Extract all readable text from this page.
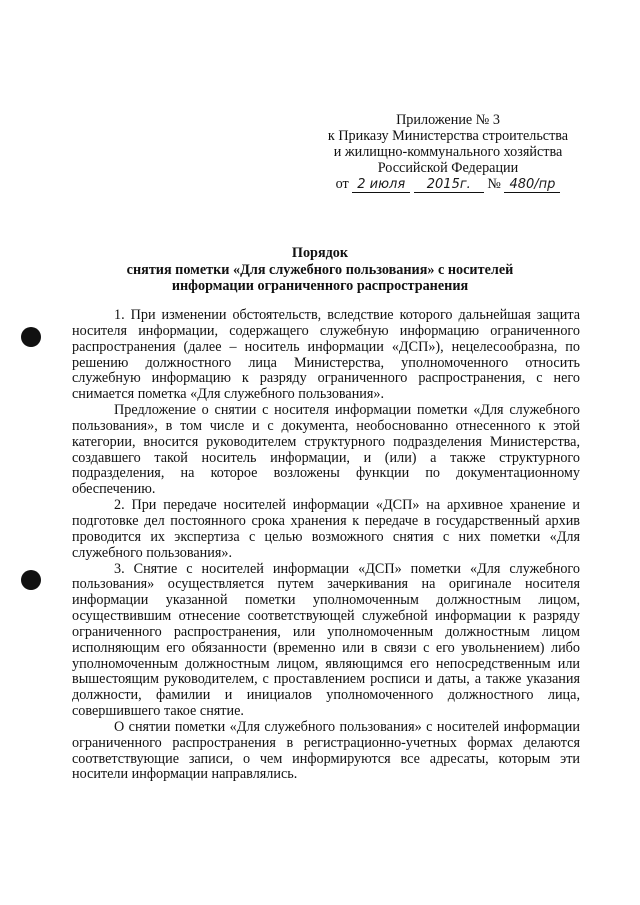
Приложение № 3
к Приказу Министерства строительства
и жилищно-коммунального хозяйства
Российской Федерации
от 2 июля 2015г. № 480/пр
Порядок
снятия пометки «Для служебного пользования» с носителей
информации ограниченного распространения

1. При изменении обстоятельств, вследствие которого дальнейшая защита носителя информации, содержащего служебную информацию ограниченного распространения (далее – носитель информации «ДСП»), нецелесообразна, по решению должностного лица Министерства, уполномоченного относить служебную информацию к разряду ограниченного распространения, с него снимается пометка «Для служебного пользования».

Предложение о снятии с носителя информации пометки «Для служебного пользования», в том числе и с документа, необоснованно отнесенного к этой категории, вносится руководителем структурного подразделения Министерства, создавшего такой носитель информации, и (или) а также структурного подразделения, на которое возложены функции по документационному обеспечению.

2. При передаче носителей информации «ДСП» на архивное хранение и подготовке дел постоянного срока хранения к передаче в государственный архив проводится их экспертиза с целью возможного снятия с них пометки «Для служебного пользования».

3. Снятие с носителей информации «ДСП» пометки «Для служебного пользования» осуществляется путем зачеркивания на оригинале носителя информации указанной пометки уполномоченным должностным лицом, осуществившим отнесение соответствующей служебной информации к разряду ограниченного распространения, или уполномоченным должностным лицом исполняющим его обязанности (временно или в связи с его увольнением) либо уполномоченным должностным лицом, являющимся его непосредственным или вышестоящим руководителем, с проставлением росписи и даты, а также указания должности, фамилии и инициалов уполномоченного должностного лица, совершившего такое снятие.

О снятии пометки «Для служебного пользования» с носителей информации ограниченного распространения в регистрационно-учетных формах делаются соответствующие записи, о чем информируются все адресаты, которым эти носители информации направлялись.
